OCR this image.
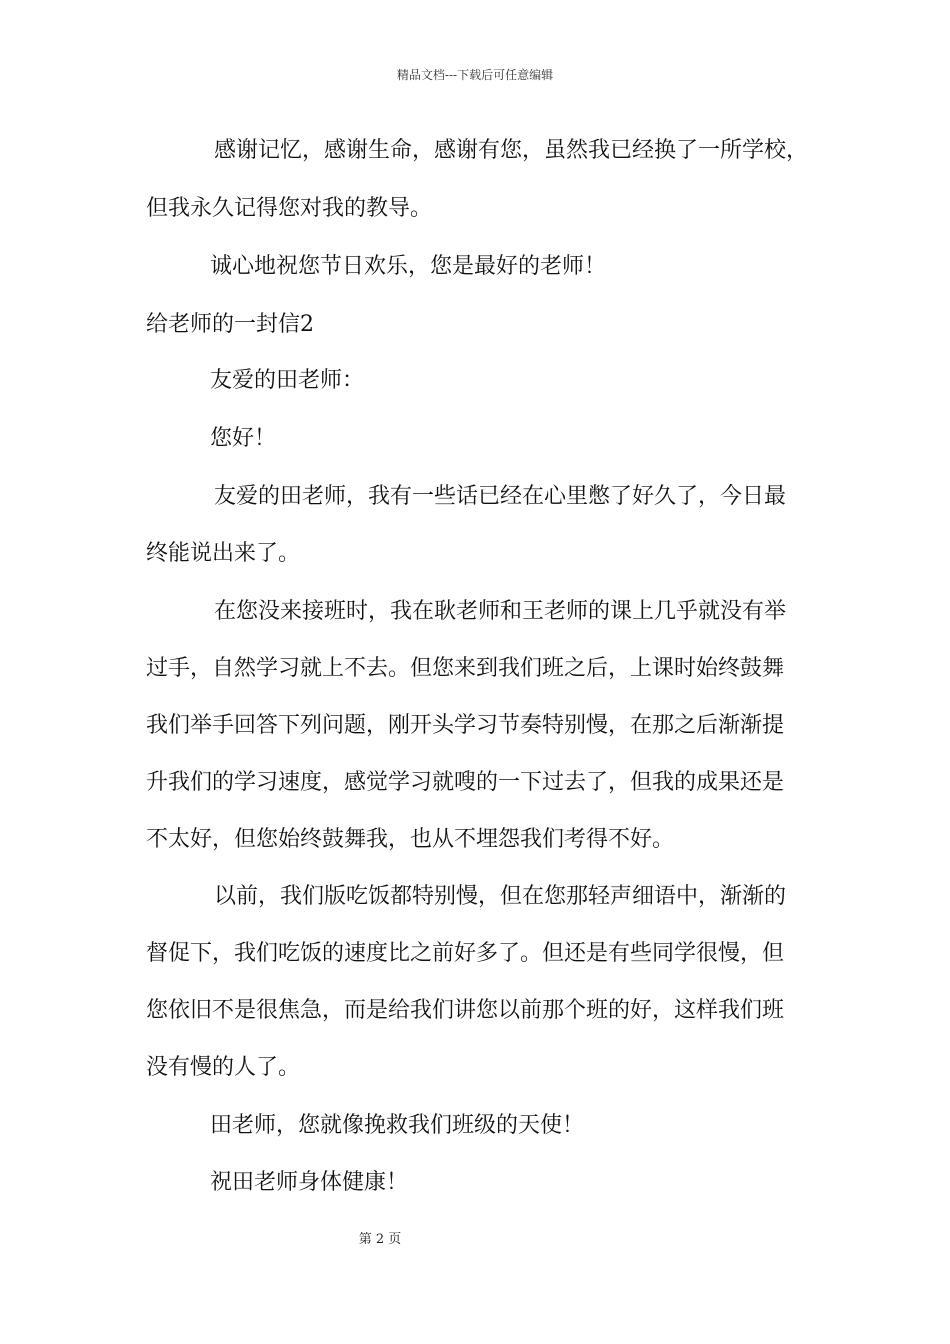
精品文档---下载后可任意编辑
感谢记忆，感谢生命，感谢有您，虽然我已经换了一所学校，
但我永久记得您对我的教导。
诚心地祝您节日欢乐，您是最好的老师！
给老师的一封信2
友爱的田老师：
您好！
友爱的田老师，我有一些话已经在心里憋了好久了，今日最
终能说出来了。
在您没来接班时，我在耿老师和王老师的课上几乎就没有举
过手，自然学习就上不去。但您来到我们班之后，上课时始终鼓舞
我们举手回答下列问题，刚开头学习节奏特别慢，在那之后渐渐提
升我们的学习速度，感觉学习就嗖的一下过去了，但我的成果还是
不太好，但您始终鼓舞我，也从不埋怨我们考得不好。
以前，我们版吃饭都特别慢，但在您那轻声细语中，渐渐的
督促下，我们吃饭的速度比之前好多了。但还是有些同学很慢，但
您依旧不是很焦急，而是给我们讲您以前那个班的好，这样我们班
没有慢的人了。
田老师，您就像挽救我们班级的天使！
祝田老师身体健康！
第 2 页
